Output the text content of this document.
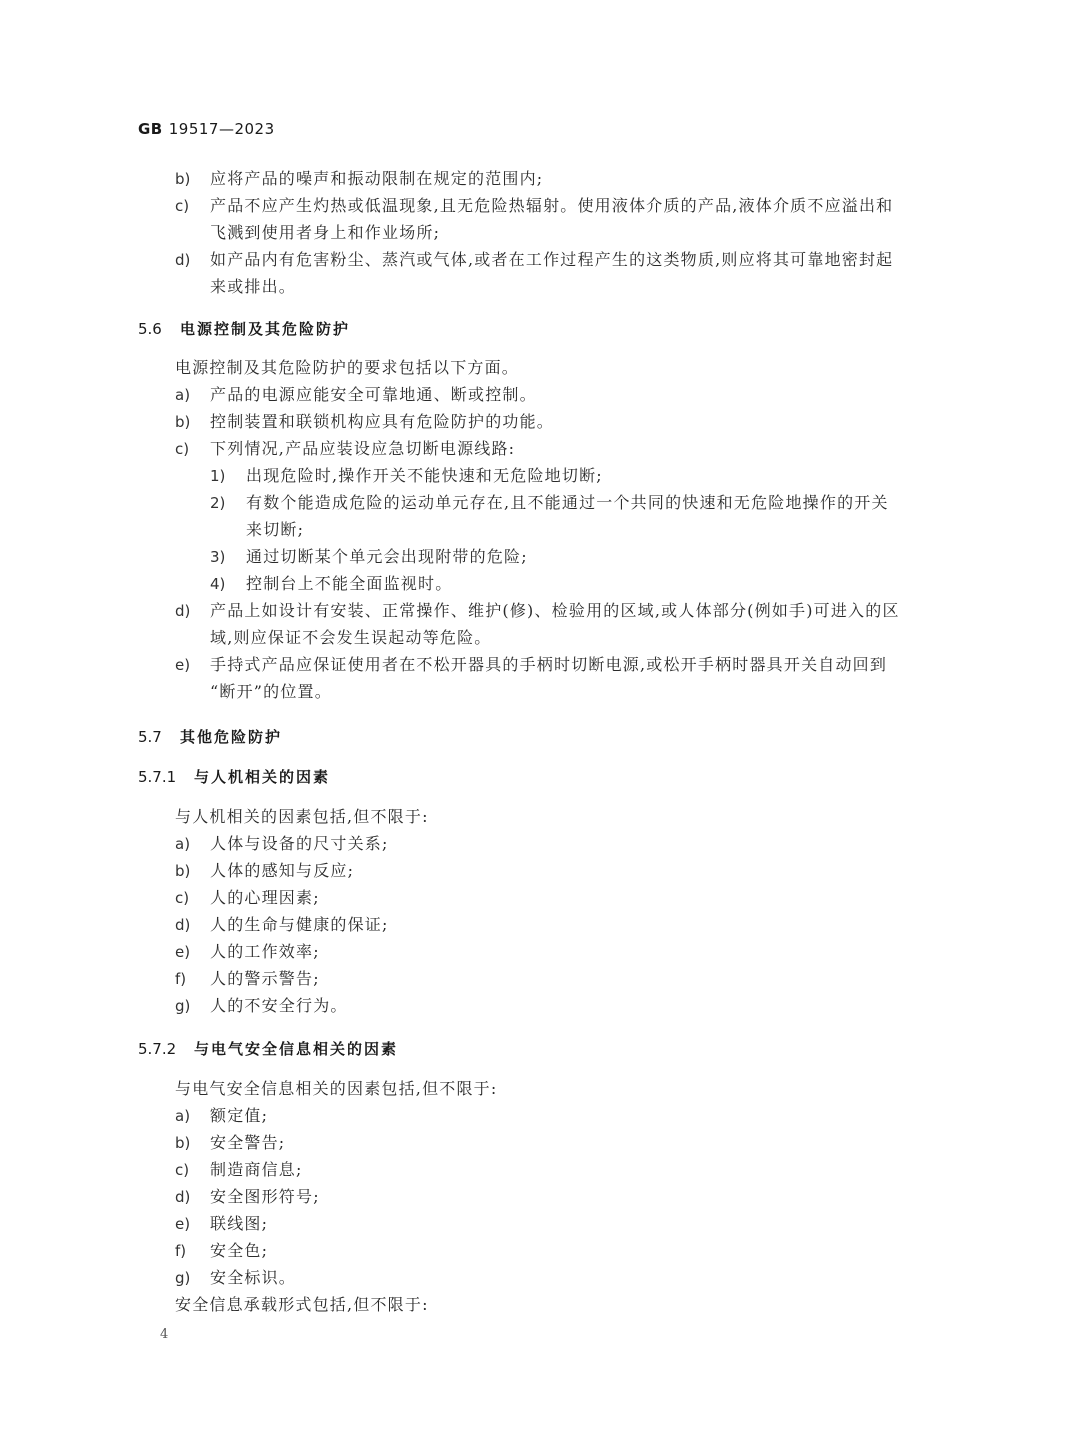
GB 19517—2023
b) 应将产品的噪声和振动限制在规定的范围内;
c) 产品不应产生灼热或低温现象,且无危险热辐射。使用液体介质的产品,液体介质不应溢出和
飞溅到使用者身上和作业场所;
d) 如产品内有危害粉尘、蒸汽或气体,或者在工作过程产生的这类物质,则应将其可靠地密封起
来或排出。
5.6 电源控制及其危险防护
电源控制及其危险防护的要求包括以下方面。
a) 产品的电源应能安全可靠地通、断或控制。
b) 控制装置和联锁机构应具有危险防护的功能。
c) 下列情况,产品应装设应急切断电源线路:
1) 出现危险时,操作开关不能快速和无危险地切断;
2) 有数个能造成危险的运动单元存在,且不能通过一个共同的快速和无危险地操作的开关
来切断;
3) 通过切断某个单元会出现附带的危险;
4) 控制台上不能全面监视时。
d) 产品上如设计有安装、正常操作、维护(修)、检验用的区域,或人体部分(例如手)可进入的区
域,则应保证不会发生误起动等危险。
e) 手持式产品应保证使用者在不松开器具的手柄时切断电源,或松开手柄时器具开关自动回到
“断开”的位置。
5.7 其他危险防护
5.7.1 与人机相关的因素
与人机相关的因素包括,但不限于:
a) 人体与设备的尺寸关系;
b) 人体的感知与反应;
c) 人的心理因素;
d) 人的生命与健康的保证;
e) 人的工作效率;
f) 人的警示警告;
g) 人的不安全行为。
5.7.2 与电气安全信息相关的因素
与电气安全信息相关的因素包括,但不限于:
a) 额定值;
b) 安全警告;
c) 制造商信息;
d) 安全图形符号;
e) 联线图;
f) 安全色;
g) 安全标识。
安全信息承载形式包括,但不限于:
4
